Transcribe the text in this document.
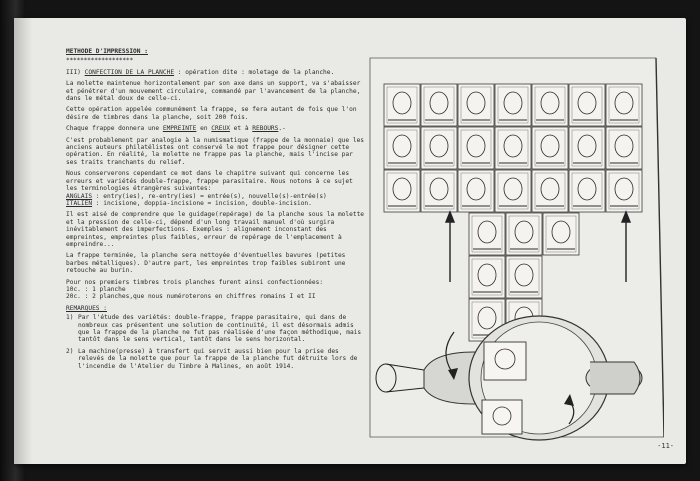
METHODE D'IMPRESSION :

*******************

III) CONFECTION DE LA PLANCHE : opération dite : moletage de la planche.

La molette maintenue horizontalement par son axe dans un support, va s'abaisser et pénétrer d'un mouvement circulaire, commandé par l'avancement de la planche, dans le métal doux de celle-ci.

Cette opération appelée communément la frappe, se fera autant de fois que l'on désire de timbres dans la planche, soit 200 fois.

Chaque frappe donnera une EMPREINTE en CREUX et à REBOURS.-

C'est probablement par analogie à la numismatique (frappe de la monnaie) que les anciens auteurs philatélistes ont conservé le mot frappe pour désigner cette opération. En réalité, la molette ne frappe pas la planche, mais l'incise par ses traits tranchants du relief.

Nous conserverons cependant ce mot dans le chapitre suivant qui concerne les erreurs et variétés double-frappe, frappe parasitaire. Nous notons à ce sujet les terminologies étrangères suivantes:

ANGLAIS : entry(ies), re-entry(ies) = entrée(s), nouvelle(s)-entrée(s)

ITALIEN : incisione, doppia-incisione = incision, double-incision.

Il est aisé de comprendre que le guidage(repérage) de la planche sous la molette et la pression de celle-ci, dépend d'un long travail manuel d'où surgira inévitablement des imperfections. Exemples : alignement inconstant des empreintes, empreintes plus faibles, erreur de repérage de l'emplacement à empreindre...

La frappe terminée, la planche sera nettoyée d'éventuelles bavures (petites barbes métalliques). D'autre part, les empreintes trop faibles subiront une retouche au burin.

Pour nos premiers timbres trois planches furent ainsi confectionnées:

10c. : 1 planche

20c. : 2 planches,que nous numéroterons en chiffres romains I et II

REMARQUES :

1) Par l'étude des variétés: double-frappe, frappe parasitaire, qui dans de nombreux cas présentent une solution de continuité, il est désormais admis que la frappe de la planche ne fut pas réalisée d'une façon méthodique, mais tantôt dans le sens vertical, tantôt dans le sens horizontal.

2) La machine(presse) à transfert qui servit aussi bien pour la prise des relevés de la molette que pour la frappe de la planche fut détruite lors de l'incendie de l'Atelier du Timbre à Malines, en août 1914.

-11-
